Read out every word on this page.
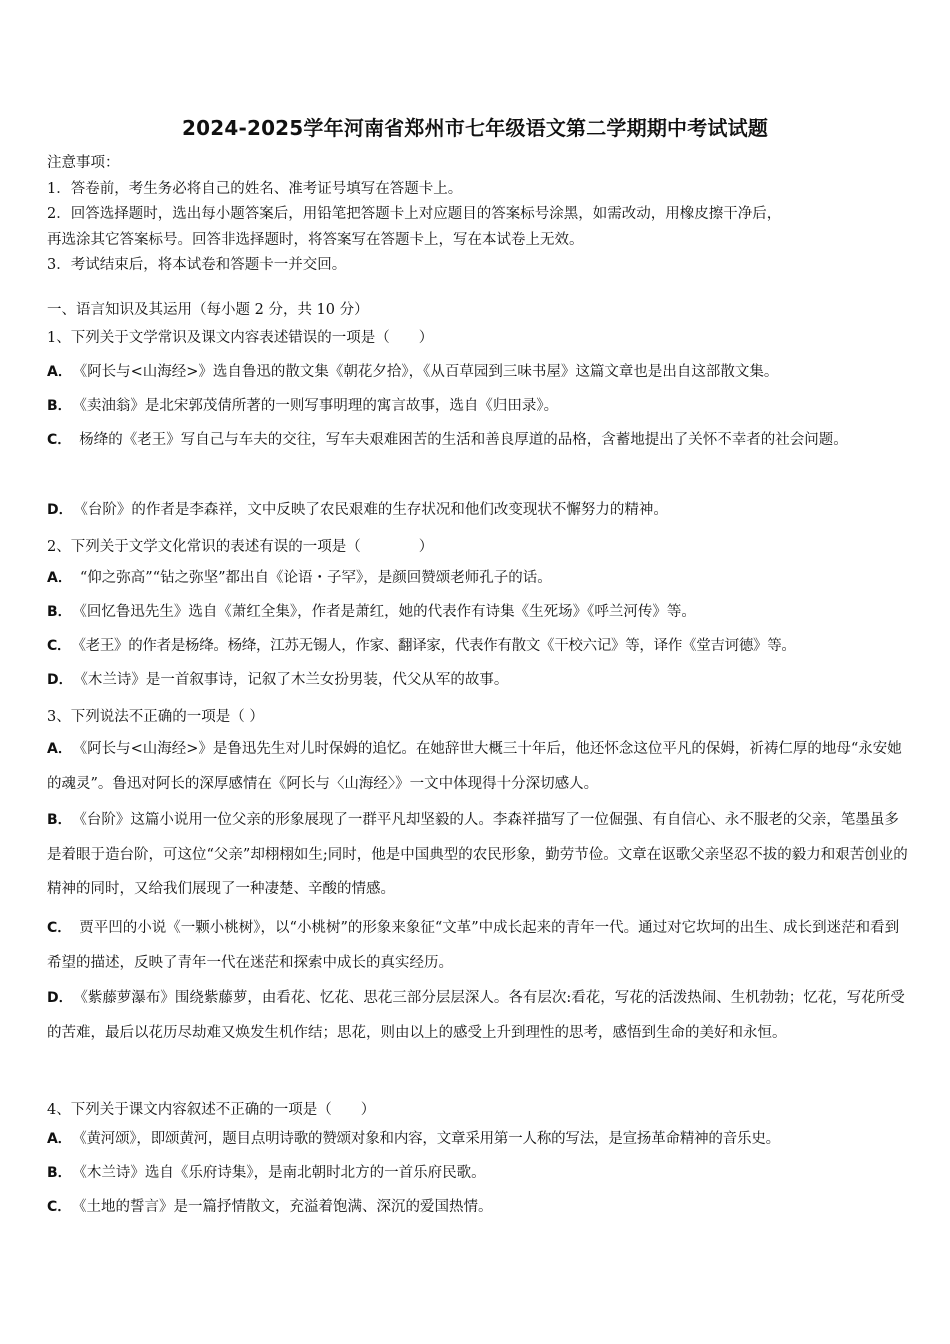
2024-2025学年河南省郑州市七年级语文第二学期期中考试试题
注意事项：
1．答卷前，考生务必将自己的姓名、准考证号填写在答题卡上。
2．回答选择题时，选出每小题答案后，用铅笔把答题卡上对应题目的答案标号涂黑，如需改动，用橡皮擦干净后，
再选涂其它答案标号。回答非选择题时，将答案写在答题卡上，写在本试卷上无效。
3．考试结束后，将本试卷和答题卡一并交回。
一、语言知识及其运用（每小题 2 分，共 10 分）
1、下列关于文学常识及课文内容表述错误的一项是（　　）
A． 《阿长与<山海经>》选自鲁迅的散文集《朝花夕拾》，《从百草园到三味书屋》这篇文章也是出自这部散文集。
B． 《卖油翁》是北宋郭茂倩所著的一则写事明理的寓言故事，选自《归田录》。
C． 杨绛的《老王》写自己与车夫的交往，写车夫艰难困苦的生活和善良厚道的品格，含蓄地提出了关怀不幸者的社会问题。
D． 《台阶》的作者是李森祥，文中反映了农民艰难的生存状况和他们改变现状不懈努力的精神。
2、下列关于文学文化常识的表述有误的一项是（　　　　）
A． “仰之弥高”“钻之弥坚”都出自《论语・子罕》，是颜回赞颂老师孔子的话。
B． 《回忆鲁迅先生》选自《萧红全集》，作者是萧红，她的代表作有诗集《生死场》《呼兰河传》等。
C． 《老王》的作者是杨绛。杨绛，江苏无锡人，作家、翻译家，代表作有散文《干校六记》等，译作《堂吉诃德》等。
D． 《木兰诗》是一首叙事诗，记叙了木兰女扮男装，代父从军的故事。
3、下列说法不正确的一项是（ ）
A． 《阿长与<山海经>》是鲁迅先生对儿时保姆的追忆。在她辞世大概三十年后，他还怀念这位平凡的保姆，祈祷仁厚的地母“永安她的魂灵”。鲁迅对阿长的深厚感情在《阿长与〈山海经〉》一文中体现得十分深切感人。
B． 《台阶》这篇小说用一位父亲的形象展现了一群平凡却坚毅的人。李森祥描写了一位倔强、有自信心、永不服老的父亲，笔墨虽多是着眼于造台阶，可这位“父亲”却栩栩如生;同时，他是中国典型的农民形象，勤劳节俭。文章在讴歌父亲坚忍不拔的毅力和艰苦创业的精神的同时，又给我们展现了一种凄楚、辛酸的情感。
C． 贾平凹的小说《一颗小桃树》，以“小桃树”的形象来象征“文革”中成长起来的青年一代。通过对它坎坷的出生、成长到迷茫和看到希望的描述，反映了青年一代在迷茫和探索中成长的真实经历。
D． 《紫藤萝瀑布》围绕紫藤萝，由看花、忆花、思花三部分层层深人。各有层次:看花，写花的活泼热闹、生机勃勃；忆花，写花所受的苦难，最后以花历尽劫难又焕发生机作结；思花，则由以上的感受上升到理性的思考，感悟到生命的美好和永恒。
4、下列关于课文内容叙述不正确的一项是（　　）
A． 《黄河颂》，即颂黄河，题目点明诗歌的赞颂对象和内容，文章采用第一人称的写法，是宣扬革命精神的音乐史。
B． 《木兰诗》选自《乐府诗集》，是南北朝时北方的一首乐府民歌。
C． 《土地的誓言》是一篇抒情散文，充溢着饱满、深沉的爱国热情。
